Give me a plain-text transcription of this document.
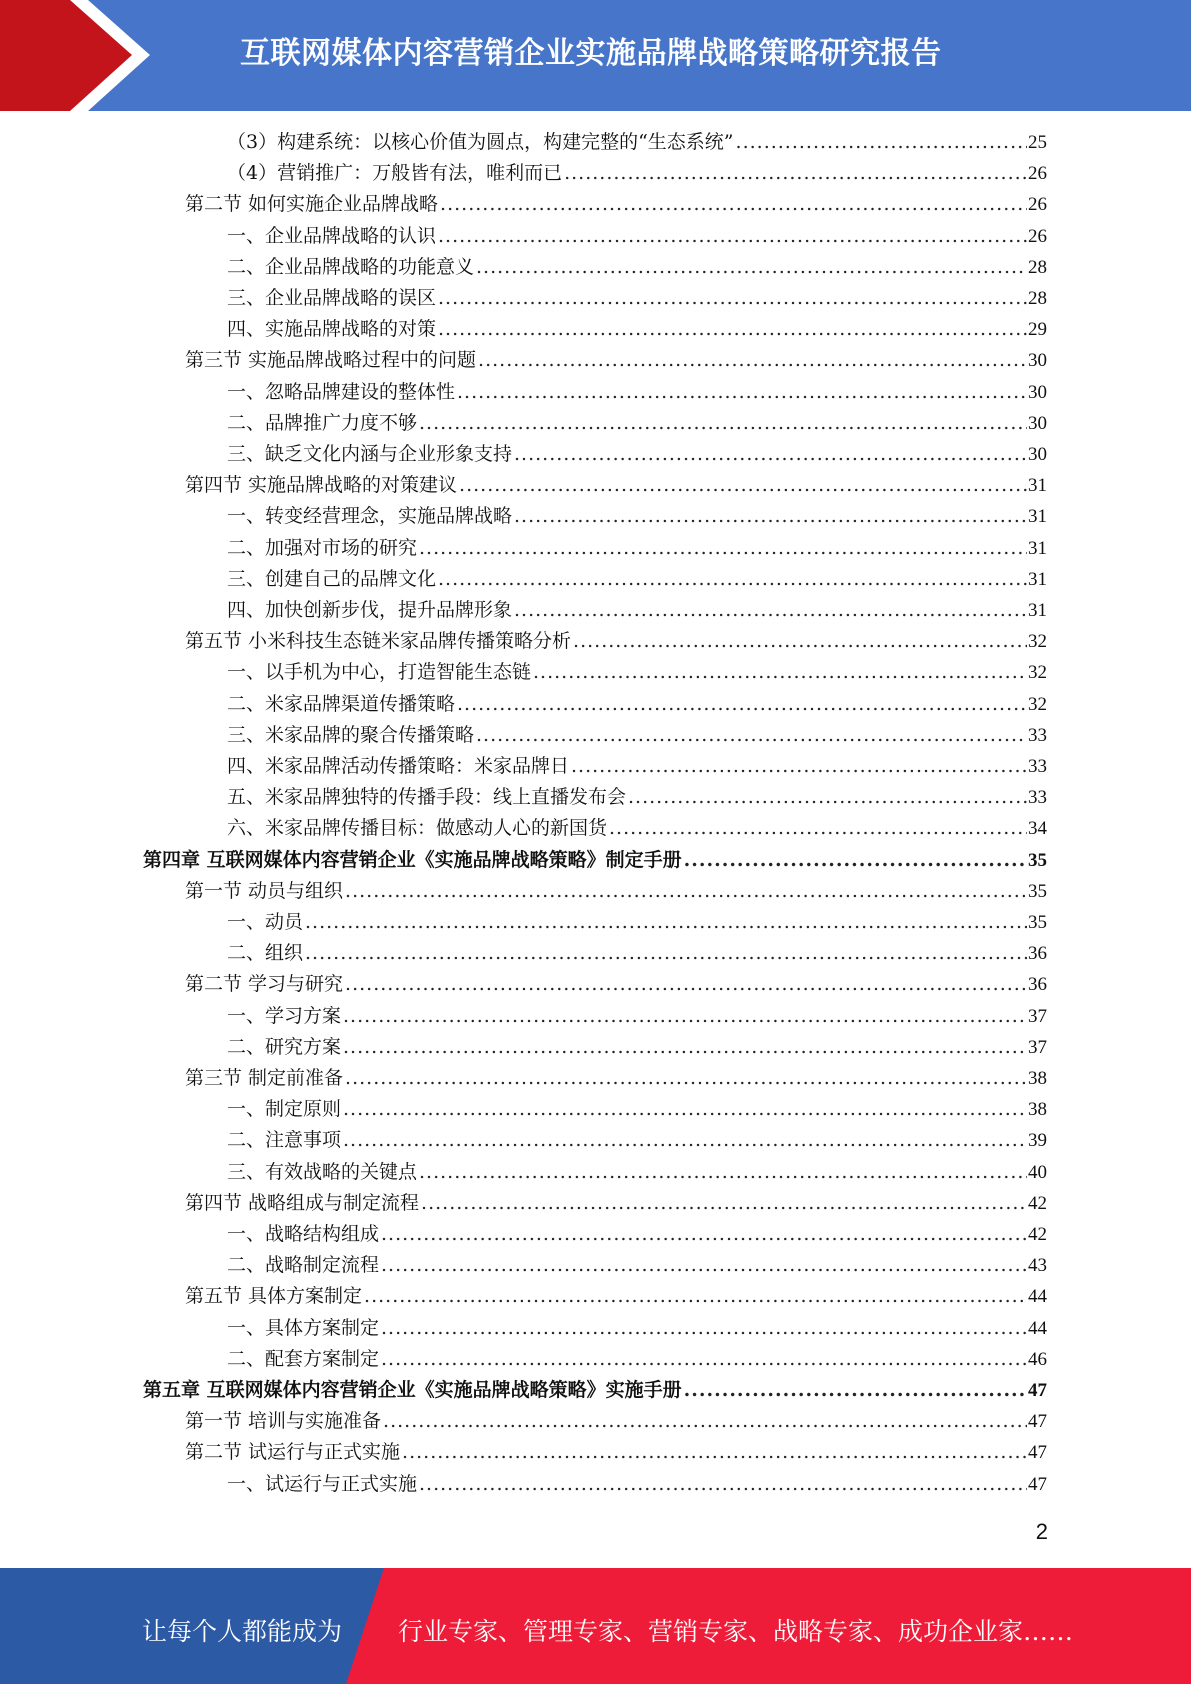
互联网媒体内容营销企业实施品牌战略策略研究报告
（3）构建系统：以核心价值为圆点，构建完整的“生态系统” .....	25
（4）营销推广：万般皆有法，唯利而已 .....	26
第二节 如何实施企业品牌战略 .....	26
一、企业品牌战略的认识 .....	26
二、企业品牌战略的功能意义 .....	28
三、企业品牌战略的误区 .....	28
四、实施品牌战略的对策 .....	29
第三节 实施品牌战略过程中的问题 .....	30
一、忽略品牌建设的整体性 .....	30
二、品牌推广力度不够 .....	30
三、缺乏文化内涵与企业形象支持 .....	30
第四节 实施品牌战略的对策建议 .....	31
一、转变经营理念，实施品牌战略 .....	31
二、加强对市场的研究 .....	31
三、创建自己的品牌文化 .....	31
四、加快创新步伐，提升品牌形象 .....	31
第五节 小米科技生态链米家品牌传播策略分析 .....	32
一、以手机为中心，打造智能生态链 .....	32
二、米家品牌渠道传播策略 .....	32
三、米家品牌的聚合传播策略 .....	33
四、米家品牌活动传播策略：米家品牌日 .....	33
五、米家品牌独特的传播手段：线上直播发布会 .....	33
六、米家品牌传播目标：做感动人心的新国货 .....	34
第四章 互联网媒体内容营销企业《实施品牌战略策略》制定手册 .....	35
第一节 动员与组织 .....	35
一、动员 .....	35
二、组织 .....	36
第二节 学习与研究 .....	36
一、学习方案 .....	37
二、研究方案 .....	37
第三节 制定前准备 .....	38
一、制定原则 .....	38
二、注意事项 .....	39
三、有效战略的关键点 .....	40
第四节 战略组成与制定流程 .....	42
一、战略结构组成 .....	42
二、战略制定流程 .....	43
第五节 具体方案制定 .....	44
一、具体方案制定 .....	44
二、配套方案制定 .....	46
第五章 互联网媒体内容营销企业《实施品牌战略策略》实施手册 .....	47
第一节 培训与实施准备 .....	47
第二节 试运行与正式实施 .....	47
一、试运行与正式实施 .....	47
2
让每个人都能成为 行业专家、管理专家、营销专家、战略专家、成功企业家……
